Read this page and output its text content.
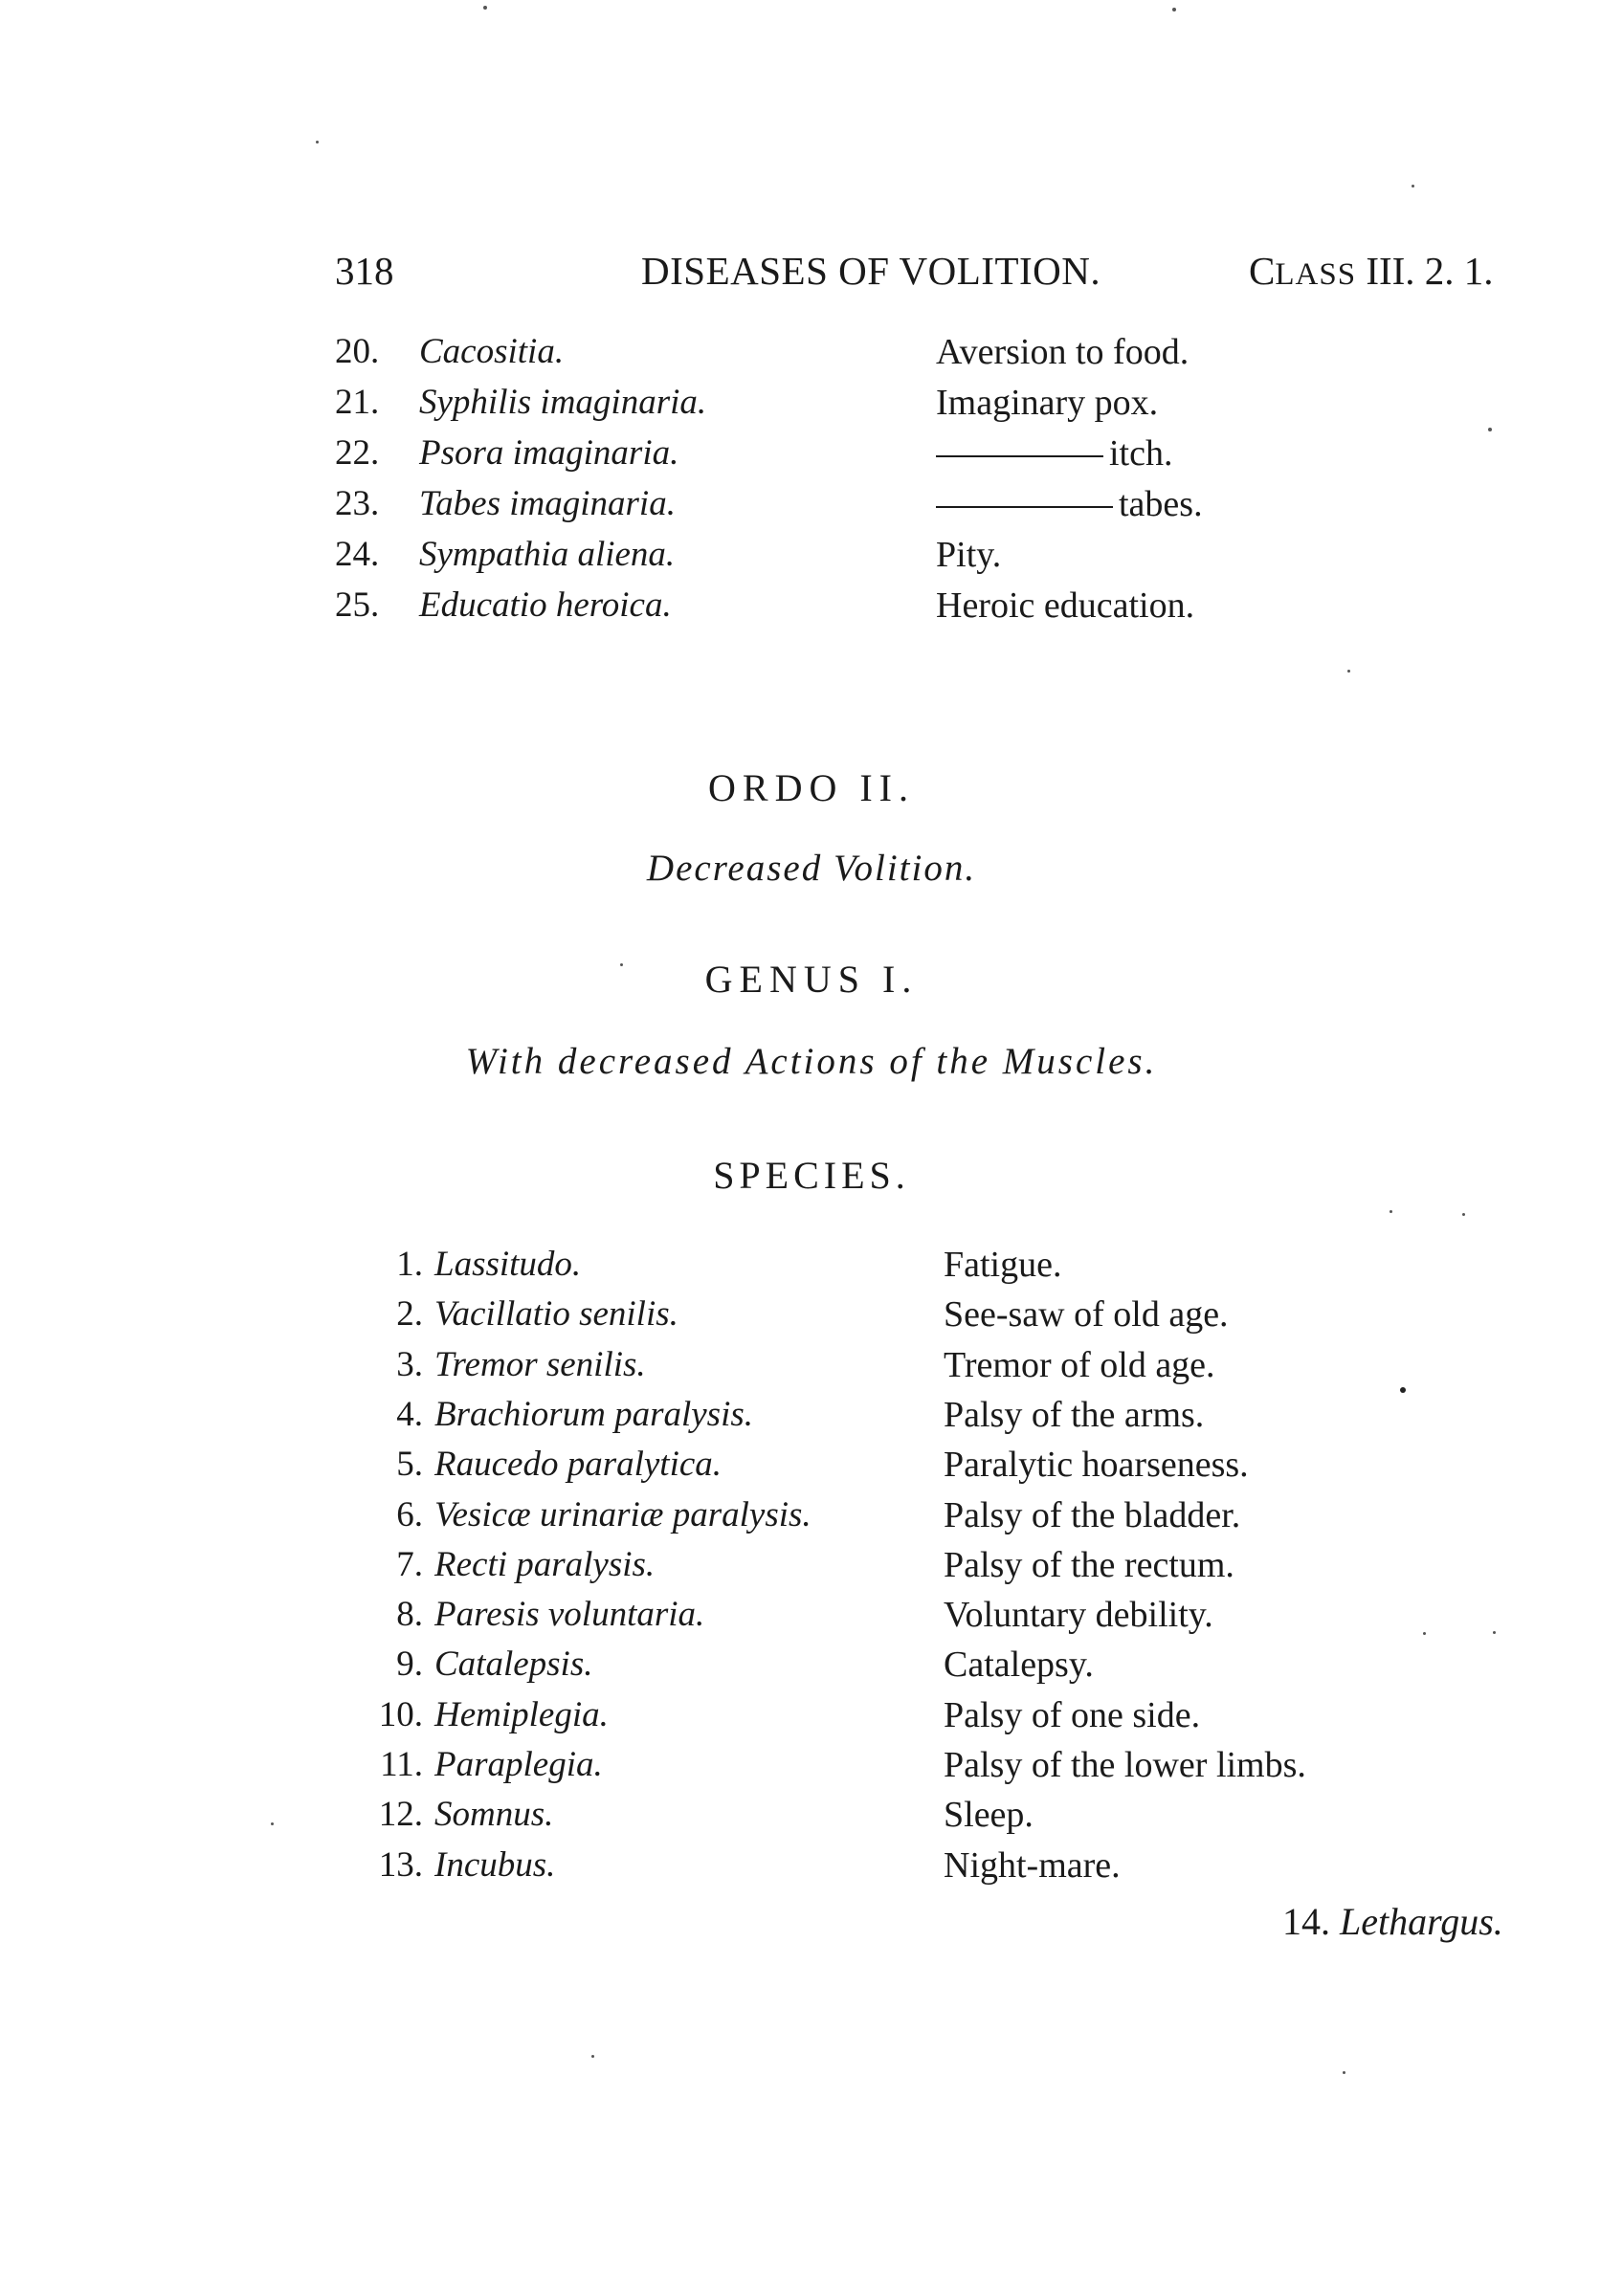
318	DISEASES OF VOLITION.	CLASS III. 2. 1.
20.	Cacositia.	Aversion to food.
21.	Syphilis imaginaria.	Imaginary pox.
22.	Psora imaginaria.	itch.
23.	Tabes imaginaria.	tabes.
24.	Sympathia aliena.	Pity.
25.	Educatio heroica.	Heroic education.
ORDO II.
Decreased Volition.
GENUS I.
With decreased Actions of the Muscles.
SPECIES.
1. Lassitudo.	Fatigue.
2. Vacillatio senilis.	See-saw of old age.
3. Tremor senilis.	Tremor of old age.
4. Brachiorum paralysis.	Palsy of the arms.
5. Raucedo paralytica.	Paralytic hoarseness.
6. Vesicæ urinariæ paralysis.	Palsy of the bladder.
7. Recti paralysis.	Palsy of the rectum.
8. Paresis voluntaria.	Voluntary debility.
9. Catalepsis.	Catalepsy.
10. Hemiplegia.	Palsy of one side.
11. Paraplegia.	Palsy of the lower limbs.
12. Somnus.	Sleep.
13. Incubus.	Night-mare.
14. Lethargus.
